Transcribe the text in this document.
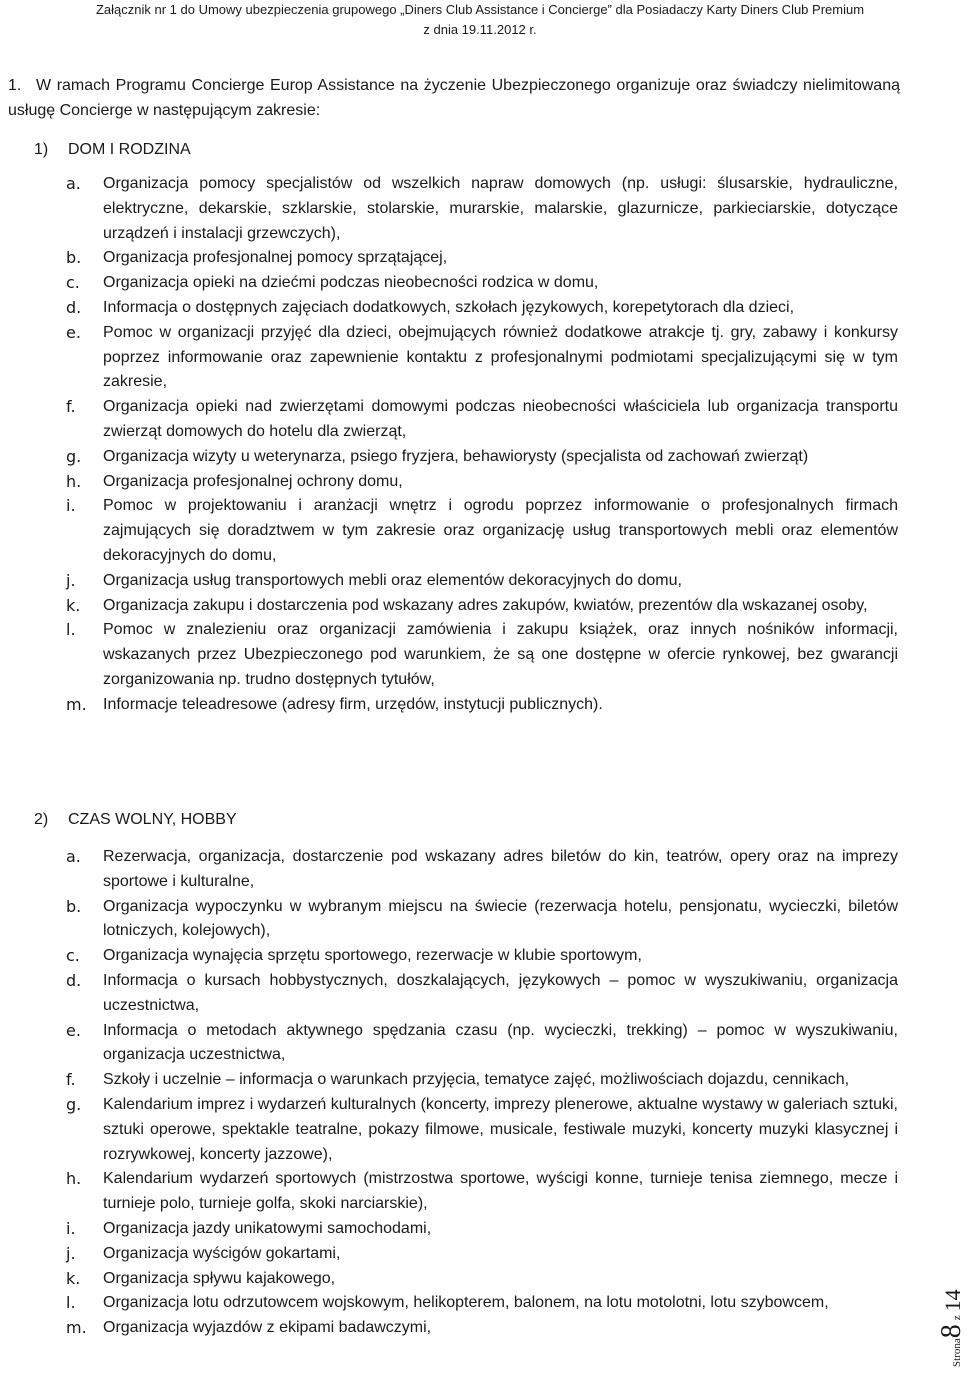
Załącznik nr 1 do Umowy ubezpieczenia grupowego „Diners Club Assistance i Concierge” dla Posiadaczy Karty Diners Club Premium
z dnia 19.11.2012 r.
1. W ramach Programu Concierge Europ Assistance na życzenie Ubezpieczonego organizuje oraz świadczy nielimitowaną usługę Concierge w następującym zakresie:
1) DOM I RODZINA
a. Organizacja pomocy specjalistów od wszelkich napraw domowych (np. usługi: ślusarskie, hydrauliczne, elektryczne, dekarskie, szklarskie, stolarskie, murarskie, malarskie, glazurnicze, parkieciarskie, dotyczące urządzeń i instalacji grzewczych),
b. Organizacja profesjonalnej pomocy sprzątającej,
c. Organizacja opieki na dziećmi podczas nieobecności rodzica w domu,
d. Informacja o dostępnych zajęciach dodatkowych, szkołach językowych, korepetytorach dla dzieci,
e. Pomoc w organizacji przyjęć dla dzieci, obejmujących również dodatkowe atrakcje tj. gry, zabawy i konkursy poprzez informowanie oraz zapewnienie kontaktu z profesjonalnymi podmiotami specjalizującymi się w tym zakresie,
f. Organizacja opieki nad zwierzętami domowymi podczas nieobecności właściciela lub organizacja transportu zwierząt domowych do hotelu dla zwierząt,
g. Organizacja wizyty u weterynarza, psiego fryzjera, behawiorysty (specjalista od zachowań zwierząt)
h. Organizacja profesjonalnej ochrony domu,
i. Pomoc w projektowaniu i aranżacji wnętrz i ogrodu poprzez informowanie o profesjonalnych firmach zajmujących się doradztwem w tym zakresie oraz organizację usług transportowych mebli oraz elementów dekoracyjnych do domu,
j. Organizacja usług transportowych mebli oraz elementów dekoracyjnych do domu,
k. Organizacja zakupu i dostarczenia pod wskazany adres zakupów, kwiatów, prezentów dla wskazanej osoby,
l. Pomoc w znalezieniu oraz organizacji zamówienia i zakupu książek, oraz innych nośników informacji, wskazanych przez Ubezpieczonego pod warunkiem, że są one dostępne w ofercie rynkowej, bez gwarancji zorganizowania np. trudno dostępnych tytułów,
m. Informacje teleadresowe (adresy firm, urzędów, instytucji publicznych).
2) CZAS WOLNY, HOBBY
a. Rezerwacja, organizacja, dostarczenie pod wskazany adres biletów do kin, teatrów, opery oraz na imprezy sportowe i kulturalne,
b. Organizacja wypoczynku w wybranym miejscu na świecie (rezerwacja hotelu, pensjonatu, wycieczki, biletów lotniczych, kolejowych),
c. Organizacja wynajęcia sprzętu sportowego, rezerwacje w klubie sportowym,
d. Informacja o kursach hobbystycznych, doszkalających, językowych – pomoc w wyszukiwaniu, organizacja uczestnictwa,
e. Informacja o metodach aktywnego spędzania czasu (np. wycieczki, trekking) – pomoc w wyszukiwaniu, organizacja uczestnictwa,
f. Szkoły i uczelnie – informacja o warunkach przyjęcia, tematyce zajęć, możliwościach dojazdu, cennikach,
g. Kalendarium imprez i wydarzeń kulturalnych (koncerty, imprezy plenerowe, aktualne wystawy w galeriach sztuki, sztuki operowe, spektakle teatralne, pokazy filmowe, musicale, festiwale muzyki, koncerty muzyki klasycznej i rozrywkowej, koncerty jazzowe),
h. Kalendarium wydarzeń sportowych (mistrzostwa sportowe, wyścigi konne, turnieje tenisa ziemnego, mecze i turnieje polo, turnieje golfa, skoki narciarskie),
i. Organizacja jazdy unikatowymi samochodami,
j. Organizacja wyścigów gokartami,
k. Organizacja spływu kajakowego,
l. Organizacja lotu odrzutowcem wojskowym, helikopterem, balonem, na lotu motolotni, lotu szybowcem,
m. Organizacja wyjazdów z ekipami badawczymi,
Strona8 z 14
